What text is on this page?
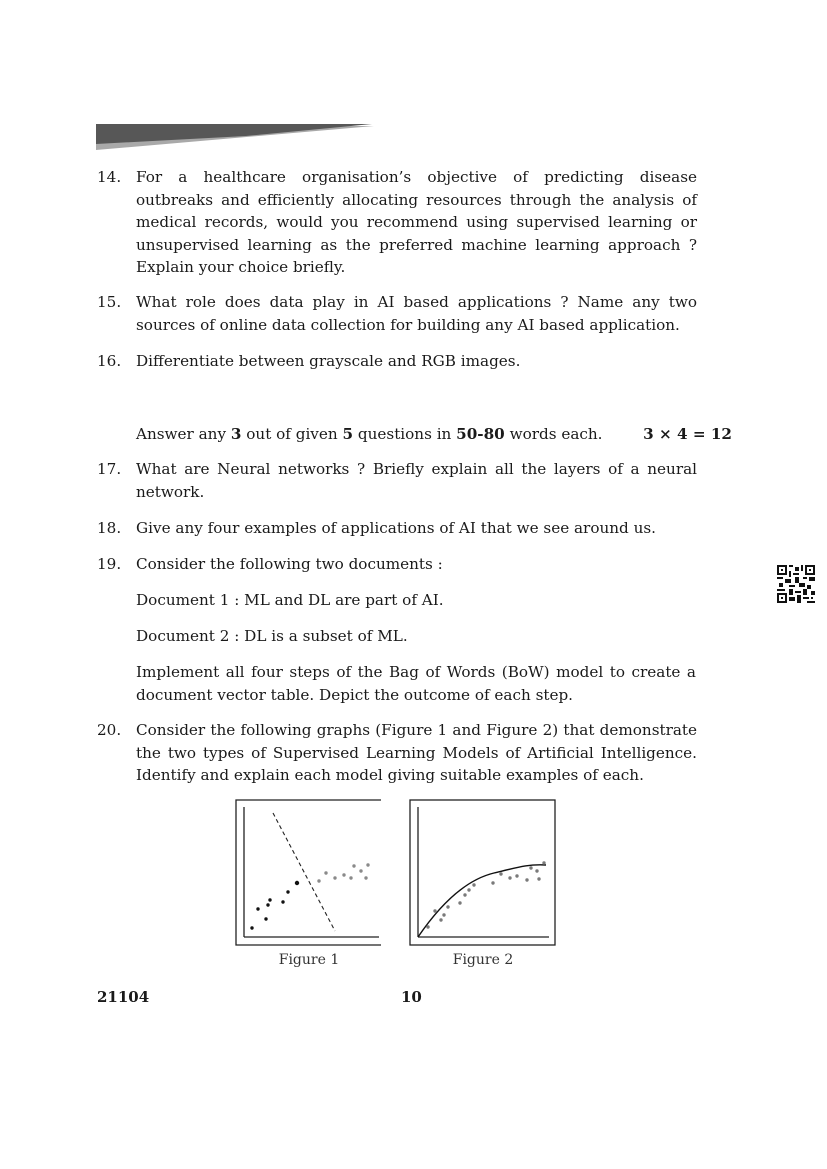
14. For a healthcare organisation’s objective of predicting disease outbreaks and efficiently allocating resources through the analysis of medical records, would you recommend using supervised learning or unsupervised learning as the preferred machine learning approach ? Explain your choice briefly.

15. What role does data play in AI based applications ? Name any two sources of online data collection for building any AI based application.

16. Differentiate between grayscale and RGB images.

Answer any 3 out of given 5 questions in 50-80 words each.	3 × 4 = 12
17. What are Neural networks ? Briefly explain all the layers of a neural network.

18. Give any four examples of applications of AI that we see around us.

19. Consider the following two documents :

Document 1 : ML and DL are part of AI.
Document 2 : DL is a subset of ML.
Implement all four steps of the Bag of Words (BoW) model to create a document vector table. Depict the outcome of each step.
20. Consider the following graphs (Figure 1 and Figure 2) that demonstrate the two types of Supervised Learning Models of Artificial Intelligence. Identify and explain each model giving suitable examples of each.

Figure 1	Figure 2
21104	10
